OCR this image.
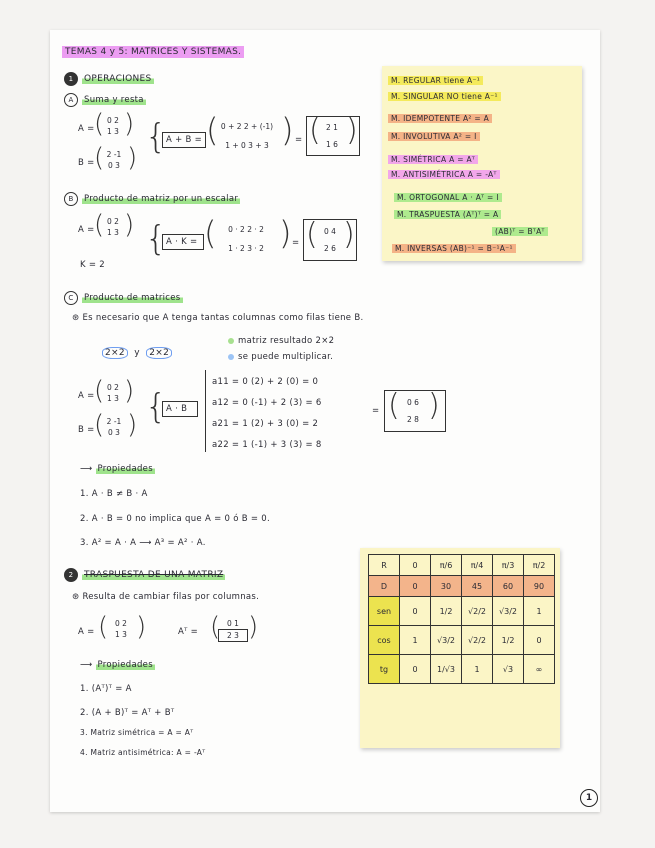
TEMAS 4 y 5: MATRICES Y SISTEMAS.
1 OPERACIONES
A Suma y resta
A = ( 0 2
1 3 )
B = ( 2 -1
0 3 )
{ A + B = ( 0 + 2 2 + (-1)
1 + 0 3 + 3 ) = ( 2 1
1 6 )
B Producto de matriz por un escalar
A = ( 0 2
1 3 )
K = 2
{ A · K = (	0 · 2 2 · 2
1 · 2 3 · 2 ) = ( 0 4
2 6 )
C Producto de matrices
⊛ Es necesario que A tenga tantas columnas como filas tiene B.
2×2 y 2×2
matriz resultado 2×2
se puede multiplicar.
A = ( 0 2
1 3 )
B = ( 2 -1
0 3 ) { A · B
a11 = 0 (2) + 2 (0) = 0
a12 = 0 (-1) + 2 (3) = 6
a21 = 1 (2) + 3 (0) = 2
a22 = 1 (-1) + 3 (3) = 8
= ( 0 6
2 8 )
⟶ Propiedades
1. A · B ≠ B · A
2. A · B = 0 no implica que A = 0 ó B = 0.
3. A² = A · A ⟶ A³ = A² · A.
2 TRASPUESTA DE UNA MATRIZ
⊛ Resulta de cambiar filas por columnas.
A = ( 0 2
1 3 )	Aᵀ = ( 0 1
2 3 )
⟶ Propiedades
1. (Aᵀ)ᵀ = A
2. (A + B)ᵀ = Aᵀ + Bᵀ
3. Matriz simétrica = A = Aᵀ
4. Matriz antisimétrica: A = -Aᵀ
M. REGULAR tiene A⁻¹
M. SINGULAR NO tiene A⁻¹
M. IDEMPOTENTE A² = A
M. INVOLUTIVA A² = I
M. SIMÉTRICA A = Aᵀ
M. ANTISIMÉTRICA A = -Aᵀ
M. ORTOGONAL A · Aᵀ = I
M. TRASPUESTA (Aᵀ)ᵀ = A
(AB)ᵀ = BᵀAᵀ
M. INVERSAS (AB)⁻¹ = B⁻¹A⁻¹
R	0	π/6	π/4	π/3	π/2
D	0	30	45	60	90
sen	0	1/2	√2/2	√3/2	1
cos	1	√3/2	√2/2	1/2	0
tg	0	1/√3	1	√3	∞
1
